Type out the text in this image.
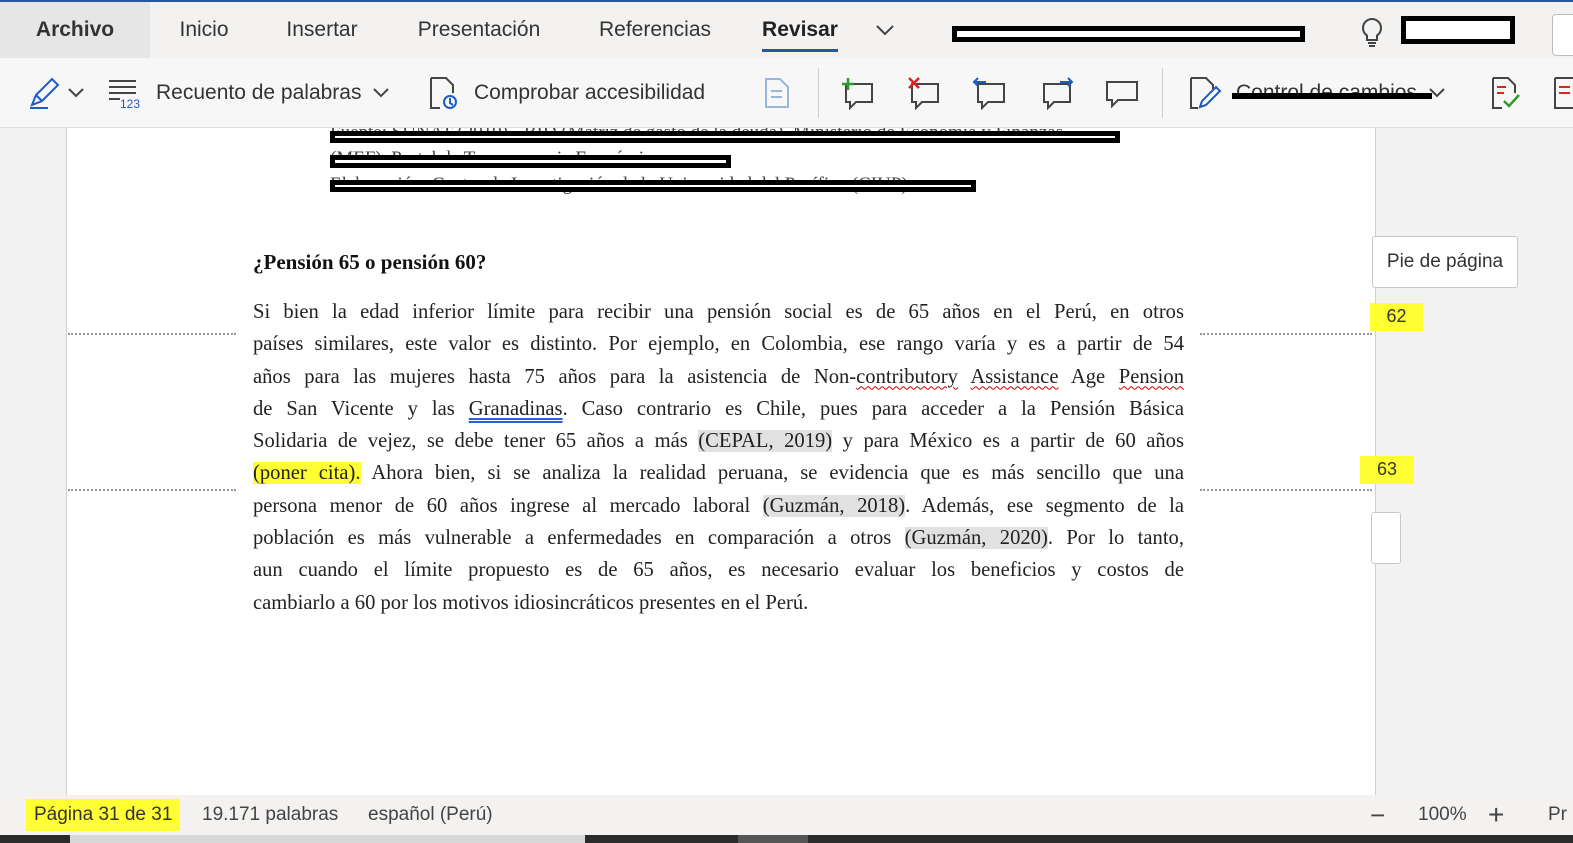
Archivo	Inicio	Insertar	Presentación	Referencias	Revisar
123 Recuento de palabras	Comprobar accesibilidad
¿Pensión 65 o pensión 60?
Si bien la edad inferior límite para recibir una pensión social es de 65 años en el Perú, en otros
países similares, este valor es distinto. Por ejemplo, en Colombia, ese rango varía y es a partir de 54
años para las mujeres hasta 75 años para la asistencia de Non-contributory Assistance Age Pension
de San Vicente y las Granadinas. Caso contrario es Chile, pues para acceder a la Pensión Básica
Solidaria de vejez, se debe tener 65 años a más (CEPAL, 2019) y para México es a partir de 60 años
(poner cita). Ahora bien, si se analiza la realidad peruana, se evidencia que es más sencillo que una
persona menor de 60 años ingrese al mercado laboral (Guzmán, 2018). Además, ese segmento de la
población es más vulnerable a enfermedades en comparación a otros (Guzmán, 2020). Por lo tanto,
aun cuando el límite propuesto es de 65 años, es necesario evaluar los beneficios y costos de
cambiarlo a 60 por los motivos idiosincráticos presentes en el Perú.
62
63
Pie de página
Página 31 de 31	19.171 palabras español (Perú)	− 100% + Pr
